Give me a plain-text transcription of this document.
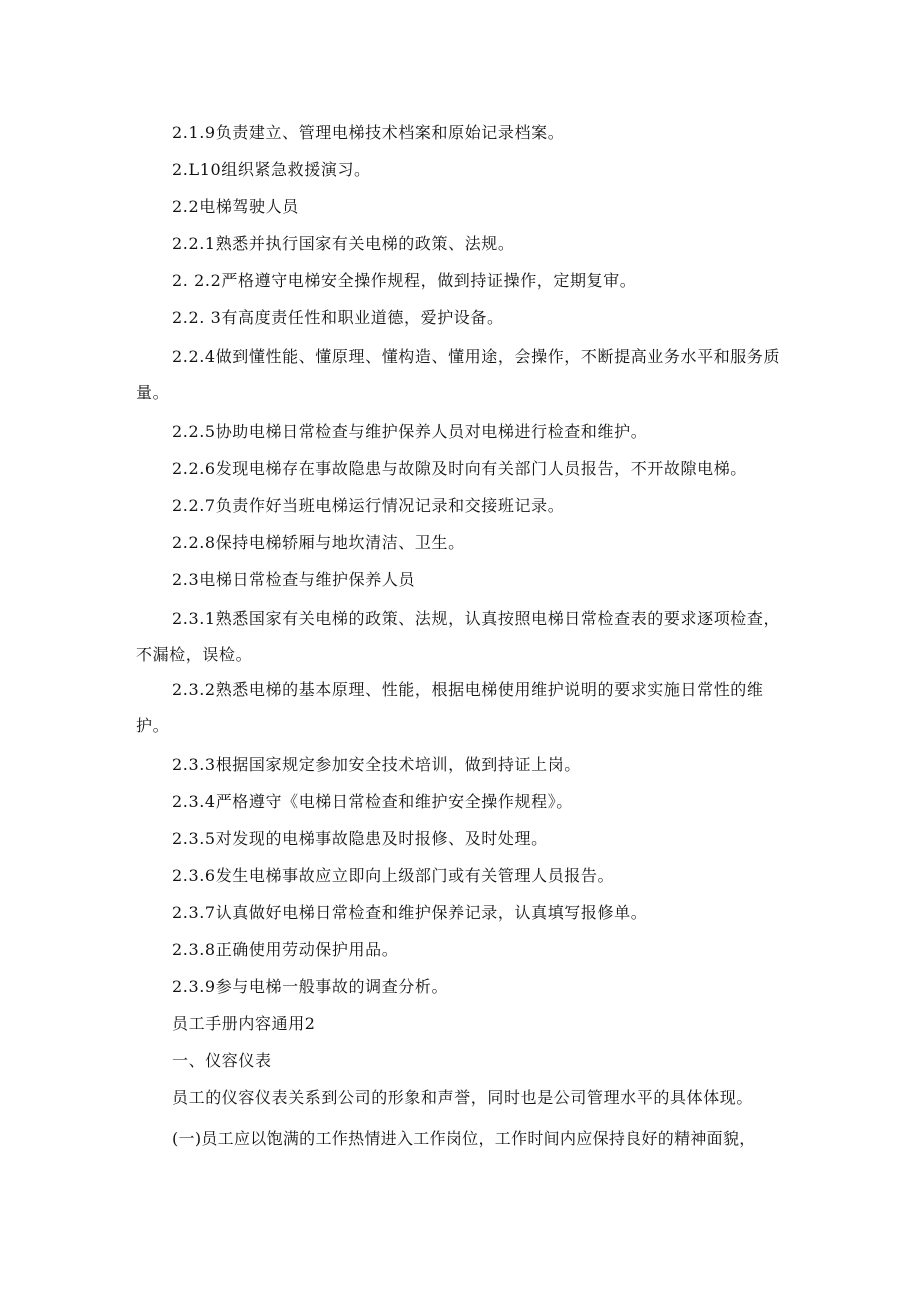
2.1.9负责建立、管理电梯技术档案和原始记录档案。
2.L10组织紧急救援演习。
2.2电梯驾驶人员
2.2.1熟悉并执行国家有关电梯的政策、法规。
2. 2.2严格遵守电梯安全操作规程，做到持证操作，定期复审。
2.2. 3有高度责任性和职业道德，爱护设备。
2.2.4做到懂性能、懂原理、懂构造、懂用途，会操作，不断提高业务水平和服务质量。
2.2.5协助电梯日常检查与维护保养人员对电梯进行检查和维护。
2.2.6发现电梯存在事故隐患与故隙及时向有关部门人员报告，不开故隙电梯。
2.2.7负责作好当班电梯运行情况记录和交接班记录。
2.2.8保持电梯轿厢与地坎清洁、卫生。
2.3电梯日常检查与维护保养人员
2.3.1熟悉国家有关电梯的政策、法规，认真按照电梯日常检查表的要求逐项检查，不漏检，误检。
2.3.2熟悉电梯的基本原理、性能，根据电梯使用维护说明的要求实施日常性的维护。
2.3.3根据国家规定参加安全技术培训，做到持证上岗。
2.3.4严格遵守《电梯日常检查和维护安全操作规程》。
2.3.5对发现的电梯事故隐患及时报修、及时处理。
2.3.6发生电梯事故应立即向上级部门或有关管理人员报告。
2.3.7认真做好电梯日常检查和维护保养记录，认真填写报修单。
2.3.8正确使用劳动保护用品。
2.3.9参与电梯一般事故的调查分析。
员工手册内容通用2
一、仪容仪表
员工的仪容仪表关系到公司的形象和声誉，同时也是公司管理水平的具体体现。
(一)员工应以饱满的工作热情进入工作岗位，工作时间内应保持良好的精神面貌，
